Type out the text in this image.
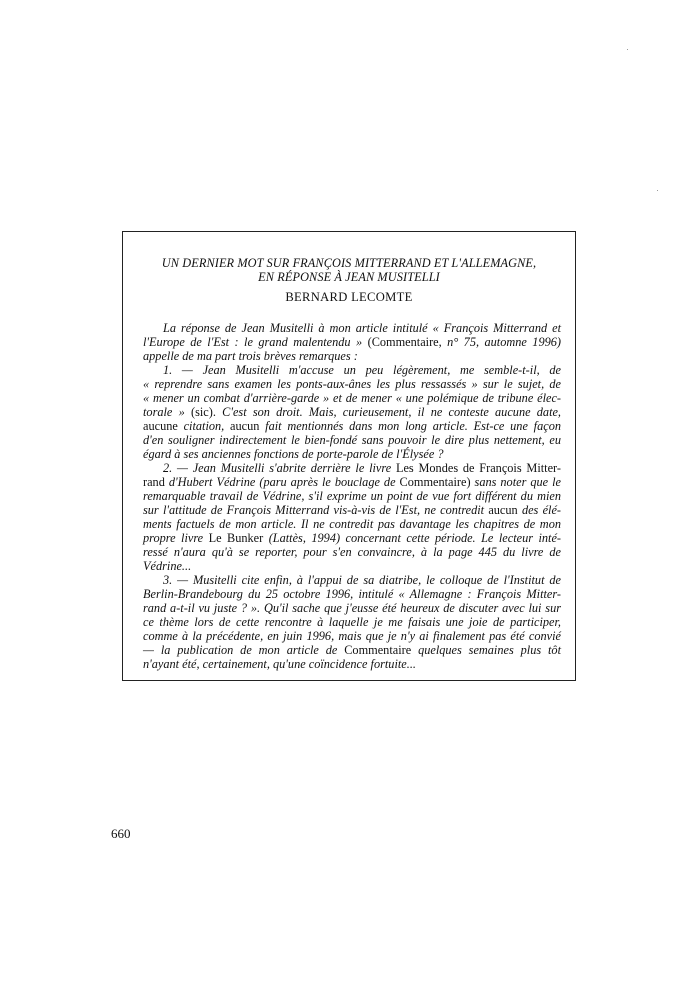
UN DERNIER MOT SUR FRANÇOIS MITTERRAND ET L'ALLEMAGNE,
EN RÉPONSE À JEAN MUSITELLI
BERNARD LECOMTE
La réponse de Jean Musitelli à mon article intitulé « François Mitterrand et
l'Europe de l'Est : le grand malentendu » (Commentaire, n° 75, automne 1996)
appelle de ma part trois brèves remarques :
1. — Jean Musitelli m'accuse un peu légèrement, me semble-t-il, de
« reprendre sans examen les ponts-aux-ânes les plus ressassés » sur le sujet, de
« mener un combat d'arrière-garde » et de mener « une polémique de tribune élec-
torale » (sic). C'est son droit. Mais, curieusement, il ne conteste aucune date,
aucune citation, aucun fait mentionnés dans mon long article. Est-ce une façon
d'en souligner indirectement le bien-fondé sans pouvoir le dire plus nettement, eu
égard à ses anciennes fonctions de porte-parole de l'Élysée ?
2. — Jean Musitelli s'abrite derrière le livre Les Mondes de François Mitter-
rand d'Hubert Védrine (paru après le bouclage de Commentaire) sans noter que le
remarquable travail de Védrine, s'il exprime un point de vue fort différent du mien
sur l'attitude de François Mitterrand vis-à-vis de l'Est, ne contredit aucun des élé-
ments factuels de mon article. Il ne contredit pas davantage les chapitres de mon
propre livre Le Bunker (Lattès, 1994) concernant cette période. Le lecteur inté-
ressé n'aura qu'à se reporter, pour s'en convaincre, à la page 445 du livre de
Védrine...
3. — Musitelli cite enfin, à l'appui de sa diatribe, le colloque de l'Institut de
Berlin-Brandebourg du 25 octobre 1996, intitulé « Allemagne : François Mitter-
rand a-t-il vu juste ? ». Qu'il sache que j'eusse été heureux de discuter avec lui sur
ce thème lors de cette rencontre à laquelle je me faisais une joie de participer,
comme à la précédente, en juin 1996, mais que je n'y ai finalement pas été convié
— la publication de mon article de Commentaire quelques semaines plus tôt
n'ayant été, certainement, qu'une coïncidence fortuite...
660
